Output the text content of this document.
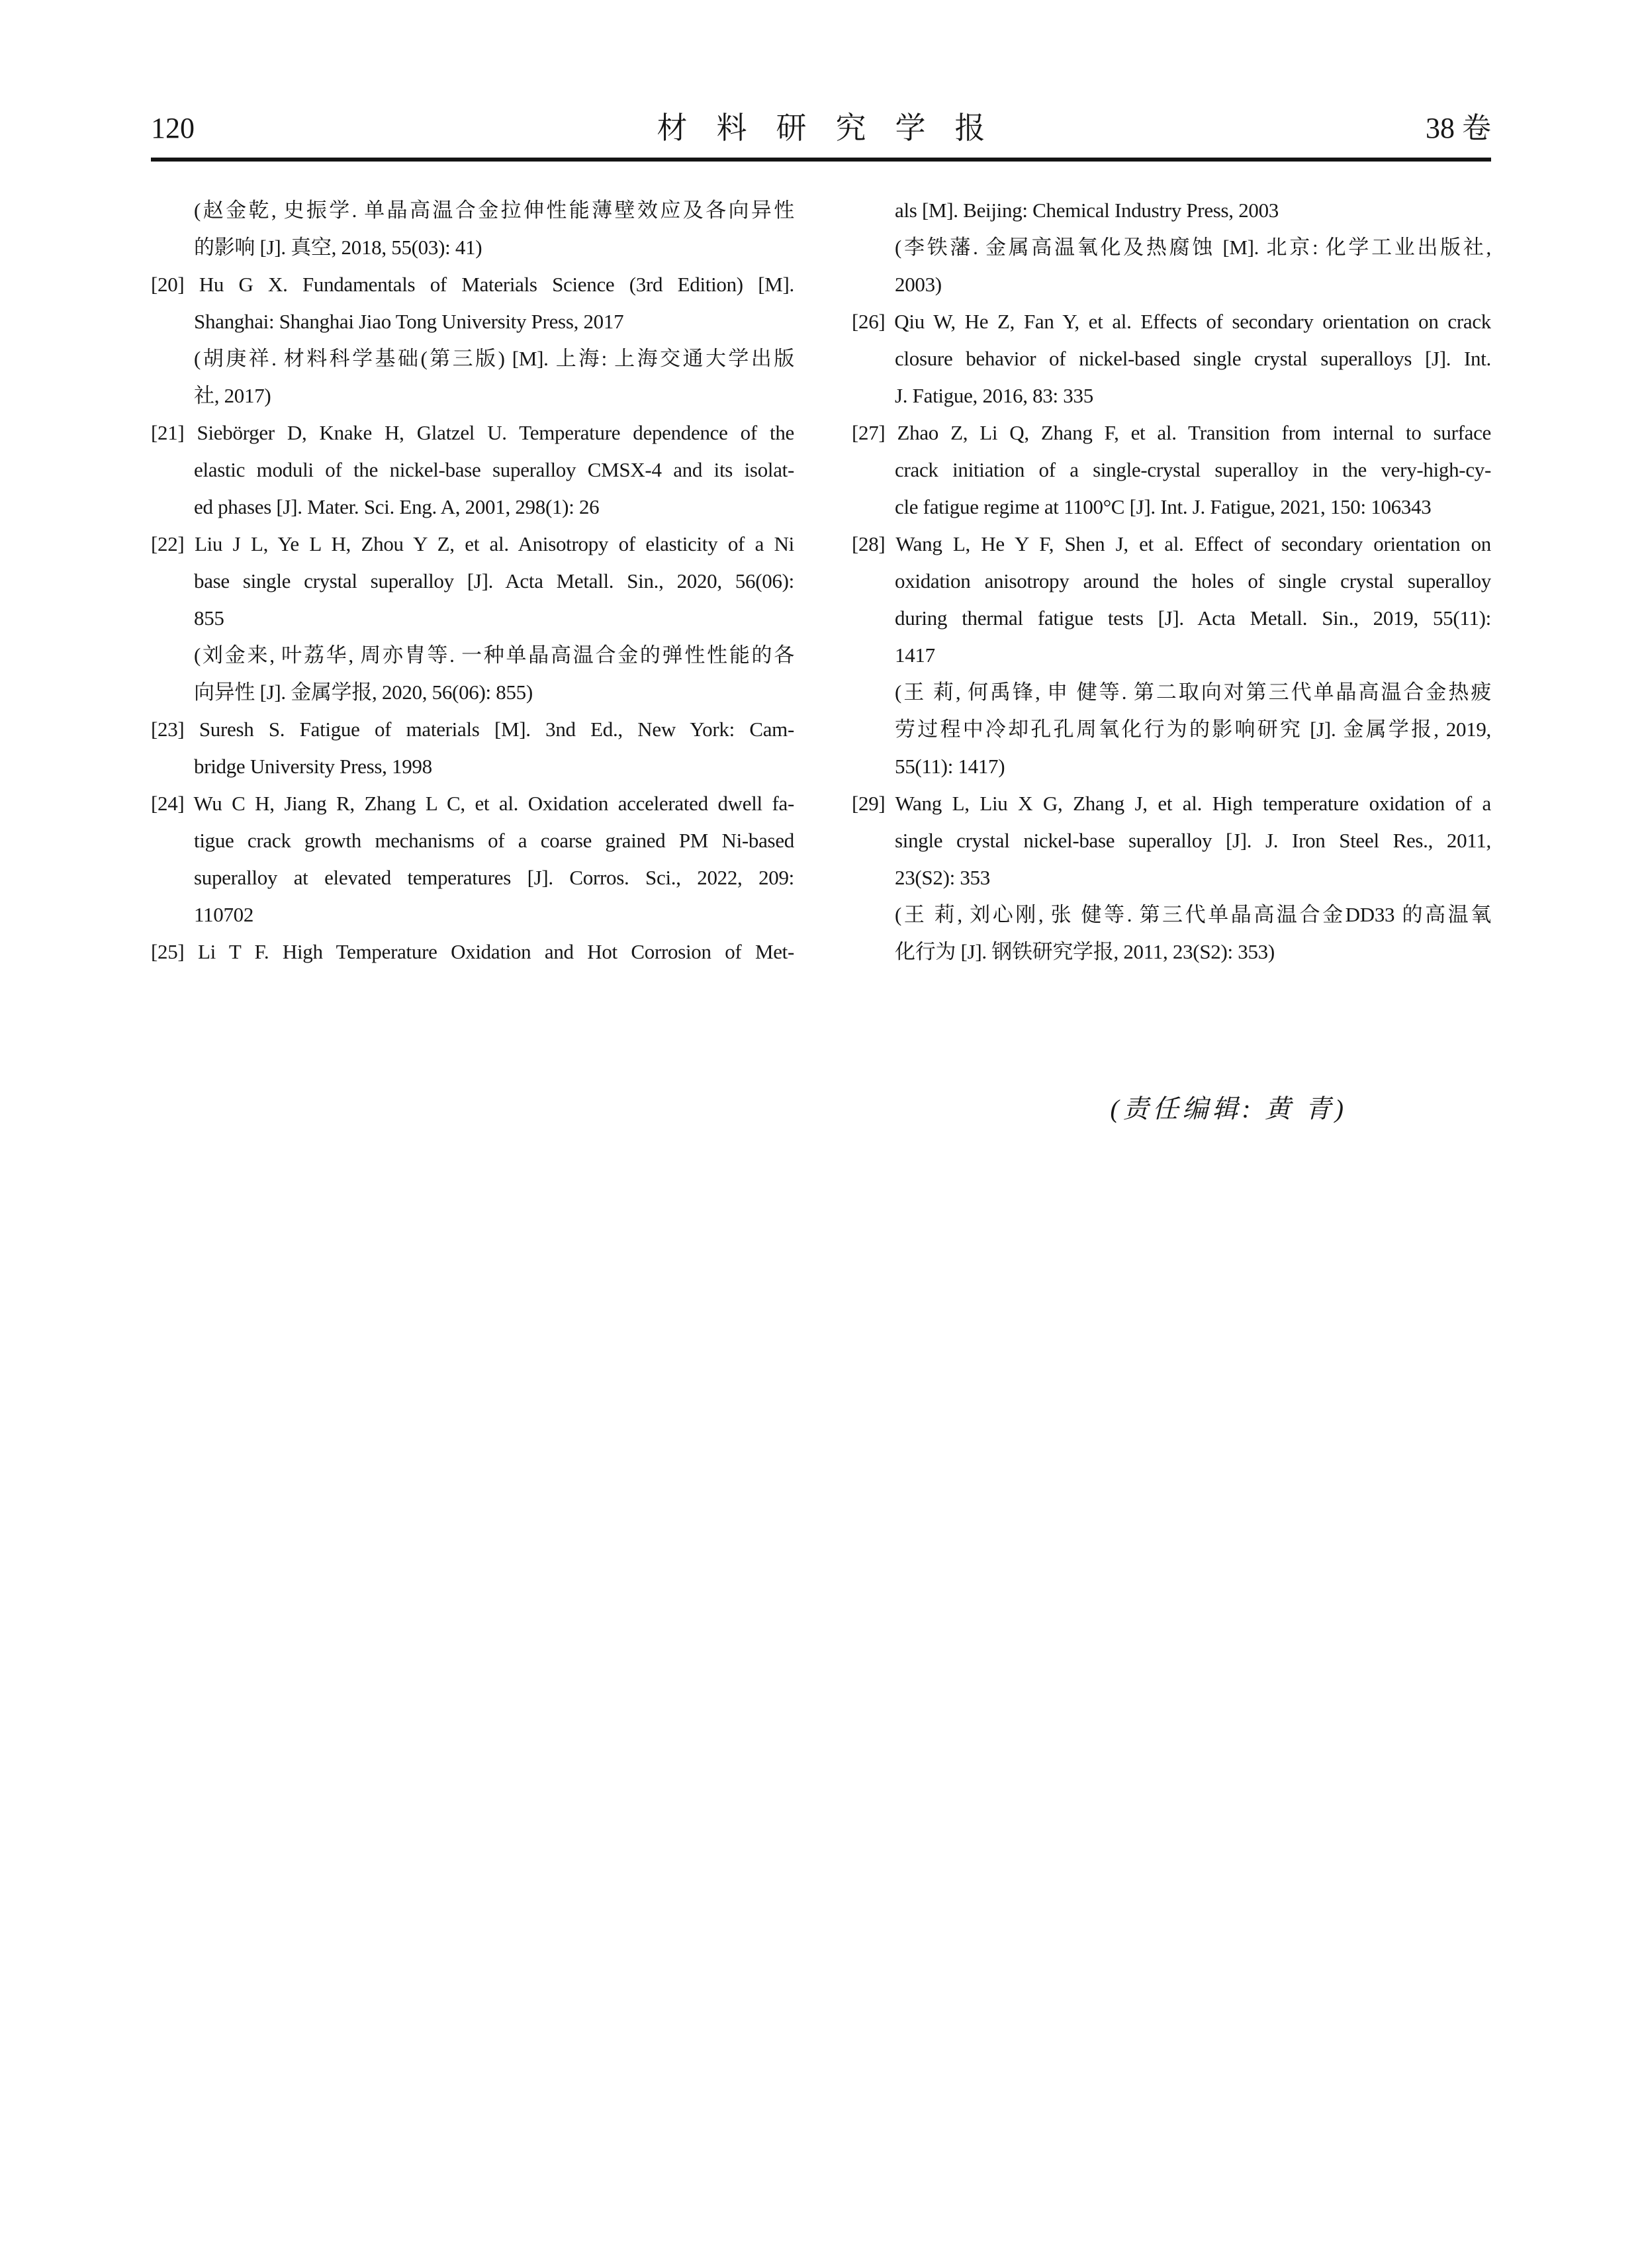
120	材料研究学报	38 卷
(赵金乾, 史振学. 单晶高温合金拉伸性能薄壁效应及各向异性
的影响 [J]. 真空, 2018, 55(03): 41)
[20] Hu G X. Fundamentals of Materials Science (3rd Edition) [M].
Shanghai: Shanghai Jiao Tong University Press, 2017
(胡庚祥. 材料科学基础(第三版) [M]. 上海: 上海交通大学出版
社, 2017)
[21] Siebörger D, Knake H, Glatzel U. Temperature dependence of the
elastic moduli of the nickel-base superalloy CMSX-4 and its isolat-
ed phases [J]. Mater. Sci. Eng. A, 2001, 298(1): 26
[22] Liu J L, Ye L H, Zhou Y Z, et al. Anisotropy of elasticity of a Ni
base single crystal superalloy [J]. Acta Metall. Sin., 2020, 56(06):
855
(刘金来, 叶荔华, 周亦胄等. 一种单晶高温合金的弹性性能的各
向异性 [J]. 金属学报, 2020, 56(06): 855)
[23] Suresh S. Fatigue of materials [M]. 3nd Ed., New York: Cam-
bridge University Press, 1998
[24] Wu C H, Jiang R, Zhang L C, et al. Oxidation accelerated dwell fa-
tigue crack growth mechanisms of a coarse grained PM Ni-based
superalloy at elevated temperatures [J]. Corros. Sci., 2022, 209:
110702
[25] Li T F. High Temperature Oxidation and Hot Corrosion of Met-
als [M]. Beijing: Chemical Industry Press, 2003
(李铁藩. 金属高温氧化及热腐蚀 [M]. 北京: 化学工业出版社,
2003)
[26] Qiu W, He Z, Fan Y, et al. Effects of secondary orientation on crack
closure behavior of nickel-based single crystal superalloys [J]. Int.
J. Fatigue, 2016, 83: 335
[27] Zhao Z, Li Q, Zhang F, et al. Transition from internal to surface
crack initiation of a single-crystal superalloy in the very-high-cy-
cle fatigue regime at 1100°C [J]. Int. J. Fatigue, 2021, 150: 106343
[28] Wang L, He Y F, Shen J, et al. Effect of secondary orientation on
oxidation anisotropy around the holes of single crystal superalloy
during thermal fatigue tests [J]. Acta Metall. Sin., 2019, 55(11):
1417
(王 莉, 何禹锋, 申 健等. 第二取向对第三代单晶高温合金热疲
劳过程中冷却孔孔周氧化行为的影响研究 [J]. 金属学报, 2019,
55(11): 1417)
[29] Wang L, Liu X G, Zhang J, et al. High temperature oxidation of a
single crystal nickel-base superalloy [J]. J. Iron Steel Res., 2011,
23(S2): 353
(王 莉, 刘心刚, 张 健等. 第三代单晶高温合金DD33 的高温氧
化行为 [J]. 钢铁研究学报, 2011, 23(S2): 353)
(责任编辑: 黄 青)
